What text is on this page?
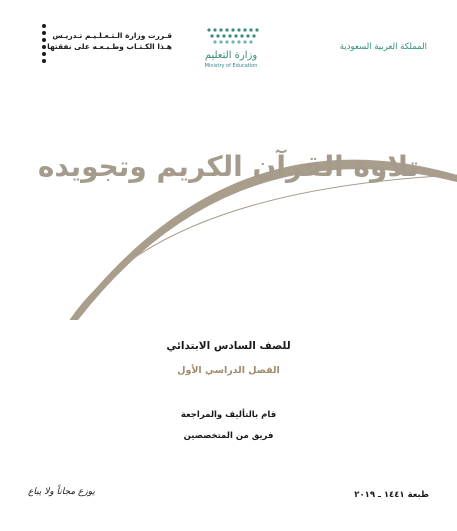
قـررت وزارة الـتـعـلـيـم تـدريـس
هـذا الكـتـاب وطـبـعـه على نفقتها
وزارة التعليم
Ministry of Education
المملكة العربية السعودية
تلاوة القرآن الكريم وتجويده
للصف السادس الابتدائي
الفصل الدراسي الأول
قام بالتأليف والمراجعة
فريق من المتخصصين
طبعة ١٤٤١ ـ ٢٠١٩
يوزع مجاناً ولا يباع
